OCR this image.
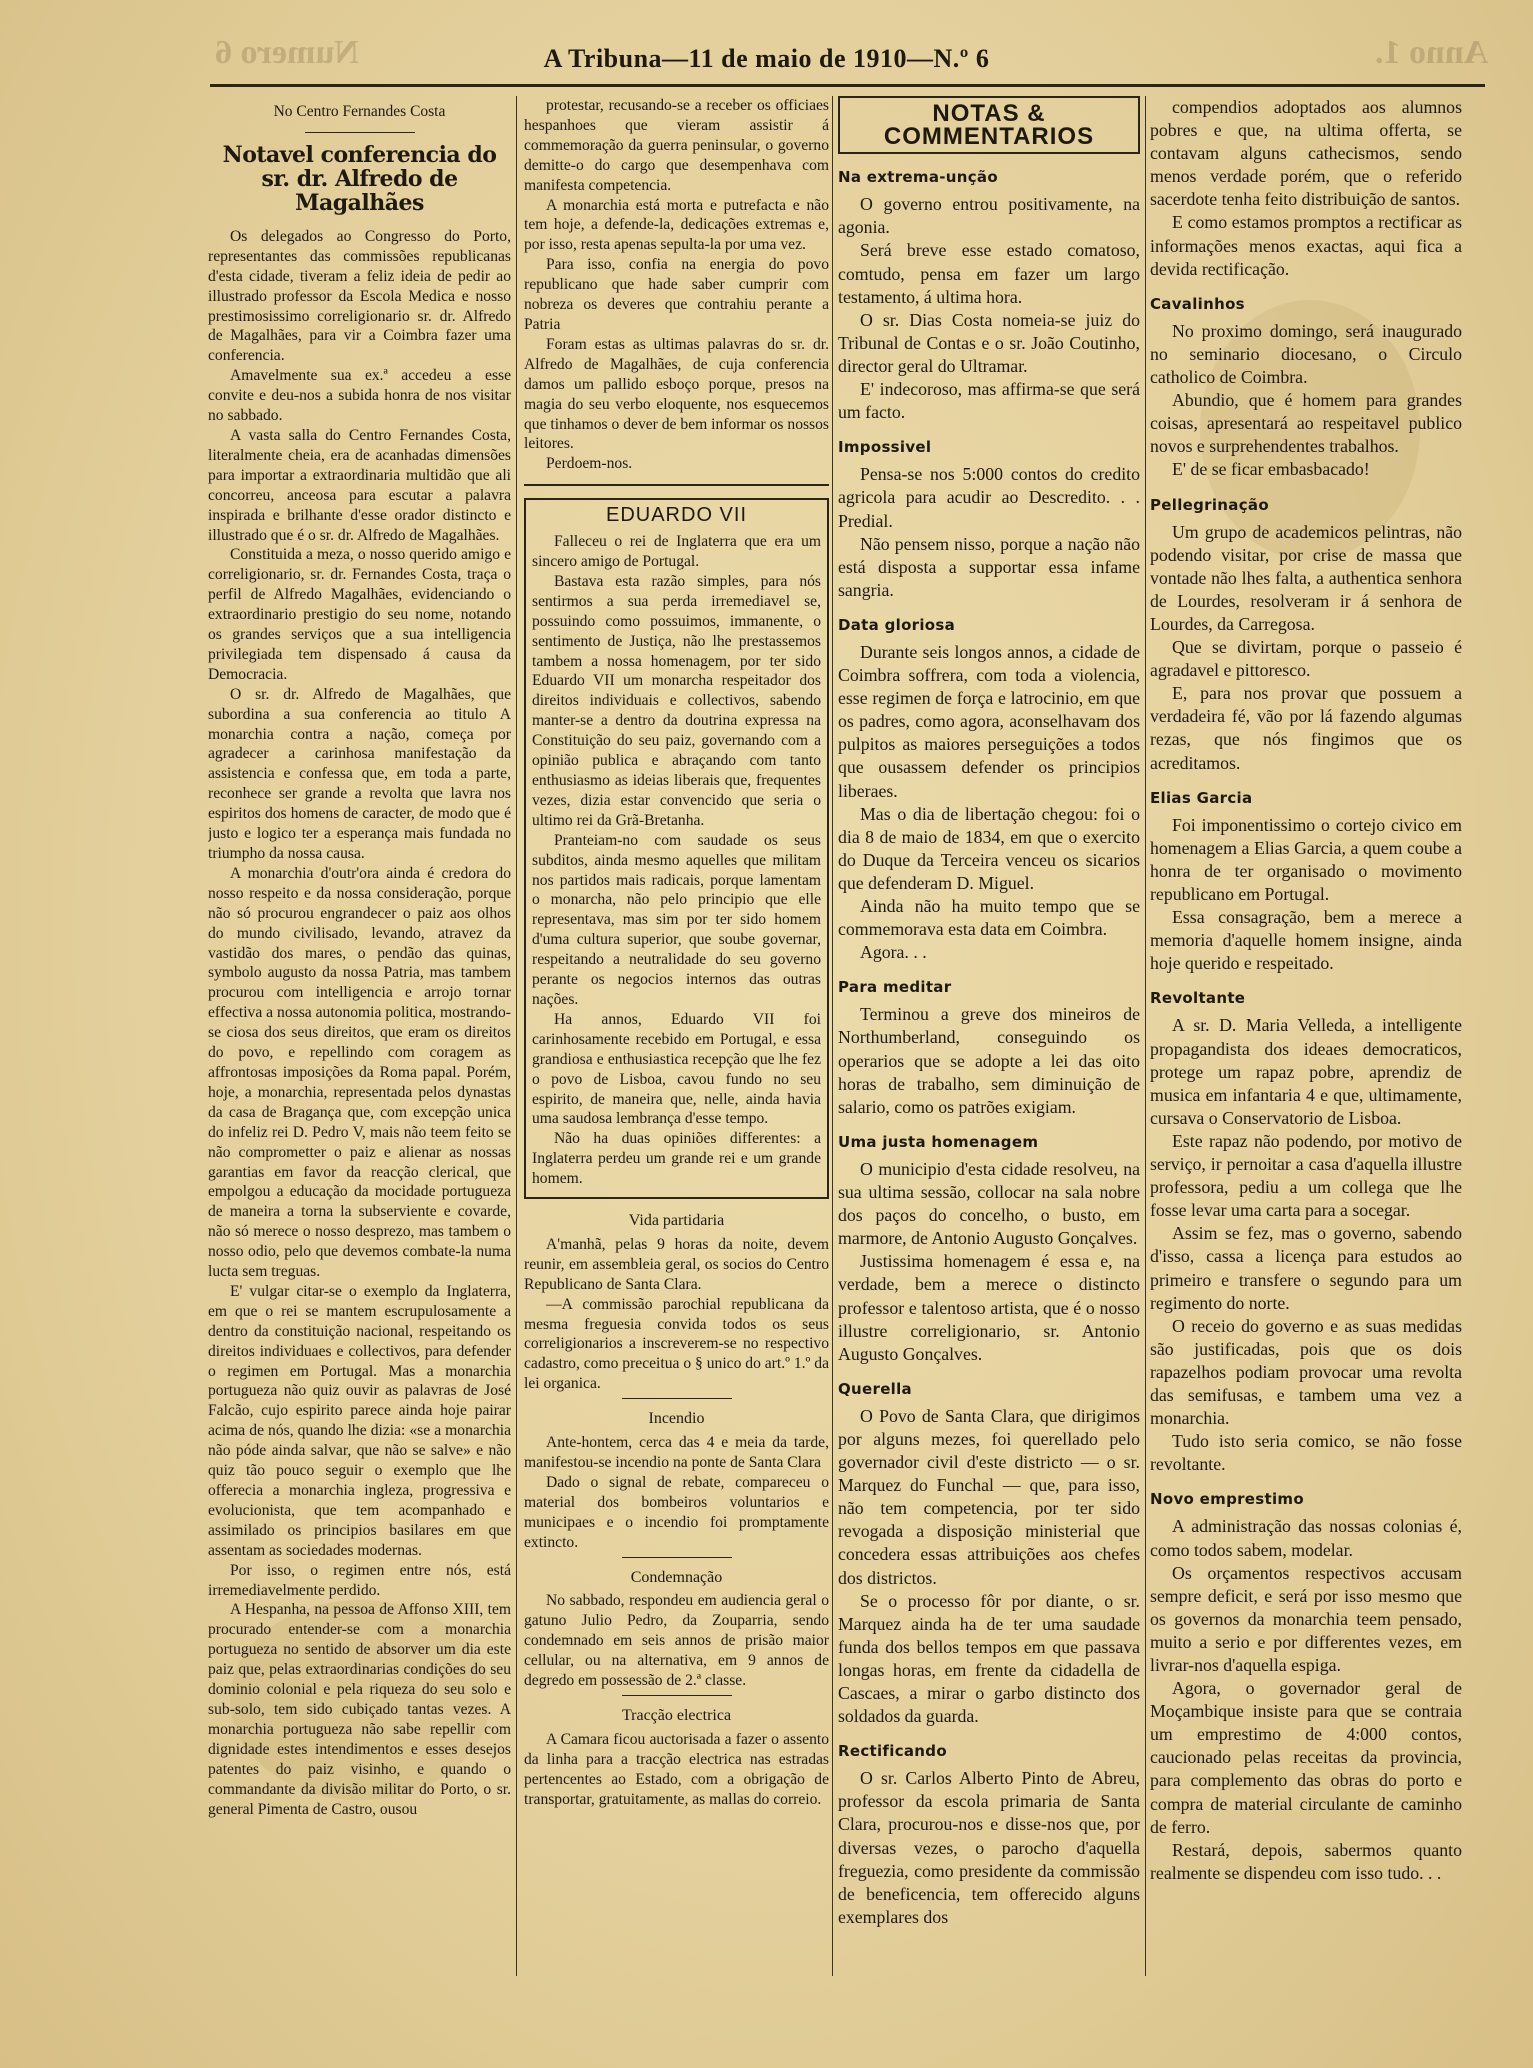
Numero 6	A Tribuna—11 de maio de 1910—N.º 6	Anno 1.
No Centro Fernandes Costa
Notavel conferencia do sr. dr. Alfredo de Magalhães

Os delegados ao Congresso do Porto, representantes das commissões republicanas d'esta cidade, tiveram a feliz ideia de pedir ao illustrado professor da Escola Medica e nosso prestimosissimo correligionario sr. dr. Alfredo de Magalhães, para vir a Coimbra fazer uma conferencia.

Amavelmente sua ex.ª accedeu a esse convite e deu-nos a subida honra de nos visitar no sabbado.

A vasta salla do Centro Fernandes Costa, literalmente cheia, era de acanhadas dimensões para importar a extraordinaria multidão que ali concorreu, anceosa para escutar a palavra inspirada e brilhante d'esse orador distincto e illustrado que é o sr. dr. Alfredo de Magalhães.

Constituida a meza, o nosso querido amigo e correligionario, sr. dr. Fernandes Costa, traça o perfil de Alfredo Magalhães, evidenciando o extraordinario prestigio do seu nome, notando os grandes serviços que a sua intelligencia privilegiada tem dispensado á causa da Democracia.

O sr. dr. Alfredo de Magalhães, que subordina a sua conferencia ao titulo A monarchia contra a nação, começa por agradecer a carinhosa manifestação da assistencia e confessa que, em toda a parte, reconhece ser grande a revolta que lavra nos espiritos dos homens de caracter, de modo que é justo e logico ter a esperança mais fundada no triumpho da nossa causa.

A monarchia d'outr'ora ainda é credora do nosso respeito e da nossa consideração, porque não só procurou engrandecer o paiz aos olhos do mundo civilisado, levando, atravez da vastidão dos mares, o pendão das quinas, symbolo augusto da nossa Patria, mas tambem procurou com intelligencia e arrojo tornar effectiva a nossa autonomia politica, mostrando-se ciosa dos seus direitos, que eram os direitos do povo, e repellindo com coragem as affrontosas imposições da Roma papal. Porém, hoje, a monarchia, representada pelos dynastas da casa de Bragança que, com excepção unica do infeliz rei D. Pedro V, mais não teem feito se não comprometter o paiz e alienar as nossas garantias em favor da reacção clerical, que empolgou a educação da mocidade portugueza de maneira a torna la subserviente e covarde, não só merece o nosso desprezo, mas tambem o nosso odio, pelo que devemos combate-la numa lucta sem treguas.

E' vulgar citar-se o exemplo da Inglaterra, em que o rei se mantem escrupulosamente a dentro da constituição nacional, respeitando os direitos individuaes e collectivos, para defender o regimen em Portugal. Mas a monarchia portugueza não quiz ouvir as palavras de José Falcão, cujo espirito parece ainda hoje pairar acima de nós, quando lhe dizia: «se a monarchia não póde ainda salvar, que não se salve» e não quiz tão pouco seguir o exemplo que lhe offerecia a monarchia ingleza, progressiva e evolucionista, que tem acompanhado e assimilado os principios basilares em que assentam as sociedades modernas.

Por isso, o regimen entre nós, está irremediavelmente perdido.

A Hespanha, na pessoa de Affonso XIII, tem procurado entender-se com a monarchia portugueza no sentido de absorver um dia este paiz que, pelas extraordinarias condições do seu dominio colonial e pela riqueza do seu solo e sub-solo, tem sido cubiçado tantas vezes. A monarchia portugueza não sabe repellir com dignidade estes intendimentos e esses desejos patentes do paiz visinho, e quando o commandante da divisão militar do Porto, o sr. general Pimenta de Castro, ousou

protestar, recusando-se a receber os officiaes hespanhoes que vieram assistir á commemoração da guerra peninsular, o governo demitte-o do cargo que desempenhava com manifesta competencia.

A monarchia está morta e putrefacta e não tem hoje, a defende-la, dedicações extremas e, por isso, resta apenas sepulta-la por uma vez.

Para isso, confia na energia do povo republicano que hade saber cumprir com nobreza os deveres que contrahiu perante a Patria

Foram estas as ultimas palavras do sr. dr. Alfredo de Magalhães, de cuja conferencia damos um pallido esboço porque, presos na magia do seu verbo eloquente, nos esquecemos que tinhamos o dever de bem informar os nossos leitores.

Perdoem-nos.

EDUARDO VII

Falleceu o rei de Inglaterra que era um sincero amigo de Portugal.

Bastava esta razão simples, para nós sentirmos a sua perda irremediavel se, possuindo como possuimos, immanente, o sentimento de Justiça, não lhe prestassemos tambem a nossa homenagem, por ter sido Eduardo VII um monarcha respeitador dos direitos individuais e collectivos, sabendo manter-se a dentro da doutrina expressa na Constituição do seu paiz, governando com a opinião publica e abraçando com tanto enthusiasmo as ideias liberais que, frequentes vezes, dizia estar convencido que seria o ultimo rei da Grã-Bretanha.

Pranteiam-no com saudade os seus subditos, ainda mesmo aquelles que militam nos partidos mais radicais, porque lamentam o monarcha, não pelo principio que elle representava, mas sim por ter sido homem d'uma cultura superior, que soube governar, respeitando a neutralidade do seu governo perante os negocios internos das outras nações.

Ha annos, Eduardo VII foi carinhosamente recebido em Portugal, e essa grandiosa e enthusiastica recepção que lhe fez o povo de Lisboa, cavou fundo no seu espirito, de maneira que, nelle, ainda havia uma saudosa lembrança d'esse tempo.

Não ha duas opiniões differentes: a Inglaterra perdeu um grande rei e um grande homem.

Vida partidaria

A'manhã, pelas 9 horas da noite, devem reunir, em assembleia geral, os socios do Centro Republicano de Santa Clara.

—A commissão parochial republicana da mesma freguesia convida todos os seus correligionarios a inscreverem-se no respectivo cadastro, como preceitua o § unico do art.º 1.º da lei organica.

Incendio

Ante-hontem, cerca das 4 e meia da tarde, manifestou-se incendio na ponte de Santa Clara

Dado o signal de rebate, compareceu o material dos bombeiros voluntarios e municipaes e o incendio foi promptamente extincto.

Condemnação

No sabbado, respondeu em audiencia geral o gatuno Julio Pedro, da Zouparria, sendo condemnado em seis annos de prisão maior cellular, ou na alternativa, em 9 annos de degredo em possessão de 2.ª classe.

Tracção electrica

A Camara ficou auctorisada a fazer o assento da linha para a tracção electrica nas estradas pertencentes ao Estado, com a obrigação de transportar, gratuitamente, as mallas do correio.

NOTAS & COMMENTARIOS
Na extrema-unção

O governo entrou positivamente, na agonia.

Será breve esse estado comatoso, comtudo, pensa em fazer um largo testamento, á ultima hora.

O sr. Dias Costa nomeia-se juiz do Tribunal de Contas e o sr. João Coutinho, director geral do Ultramar.

E' indecoroso, mas affirma-se que será um facto.

Impossivel

Pensa-se nos 5:000 contos do credito agricola para acudir ao Descredito. . . Predial.

Não pensem nisso, porque a nação não está disposta a supportar essa infame sangria.

Data gloriosa

Durante seis longos annos, a cidade de Coimbra soffrera, com toda a violencia, esse regimen de força e latrocinio, em que os padres, como agora, aconselhavam dos pulpitos as maiores perseguições a todos que ousassem defender os principios liberaes.

Mas o dia de libertação chegou: foi o dia 8 de maio de 1834, em que o exercito do Duque da Terceira venceu os sicarios que defenderam D. Miguel.

Ainda não ha muito tempo que se commemorava esta data em Coimbra.

Agora. . .

Para meditar

Terminou a greve dos mineiros de Northumberland, conseguindo os operarios que se adopte a lei das oito horas de trabalho, sem diminuição de salario, como os patrões exigiam.

Uma justa homenagem

O municipio d'esta cidade resolveu, na sua ultima sessão, collocar na sala nobre dos paços do concelho, o busto, em marmore, de Antonio Augusto Gonçalves.

Justissima homenagem é essa e, na verdade, bem a merece o distincto professor e talentoso artista, que é o nosso illustre correligionario, sr. Antonio Augusto Gonçalves.

Querella

O Povo de Santa Clara, que dirigimos por alguns mezes, foi querellado pelo governador civil d'este districto — o sr. Marquez do Funchal — que, para isso, não tem competencia, por ter sido revogada a disposição ministerial que concedera essas attribuições aos chefes dos districtos.

Se o processo fôr por diante, o sr. Marquez ainda ha de ter uma saudade funda dos bellos tempos em que passava longas horas, em frente da cidadella de Cascaes, a mirar o garbo distincto dos soldados da guarda.

Rectificando

O sr. Carlos Alberto Pinto de Abreu, professor da escola primaria de Santa Clara, procurou-nos e disse-nos que, por diversas vezes, o parocho d'aquella freguezia, como presidente da commissão de beneficencia, tem offerecido alguns exemplares dos

compendios adoptados aos alumnos pobres e que, na ultima offerta, se contavam alguns cathecismos, sendo menos verdade porém, que o referido sacerdote tenha feito distribuição de santos.

E como estamos promptos a rectificar as informações menos exactas, aqui fica a devida rectificação.

Cavalinhos

No proximo domingo, será inaugurado no seminario diocesano, o Circulo catholico de Coimbra.

Abundio, que é homem para grandes coisas, apresentará ao respeitavel publico novos e surprehendentes trabalhos.

E' de se ficar embasbacado!

Pellegrinação

Um grupo de academicos pelintras, não podendo visitar, por crise de massa que vontade não lhes falta, a authentica senhora de Lourdes, resolveram ir á senhora de Lourdes, da Carregosa.

Que se divirtam, porque o passeio é agradavel e pittoresco.

E, para nos provar que possuem a verdadeira fé, vão por lá fazendo algumas rezas, que nós fingimos que os acreditamos.

Elias Garcia

Foi imponentissimo o cortejo civico em homenagem a Elias Garcia, a quem coube a honra de ter organisado o movimento republicano em Portugal.

Essa consagração, bem a merece a memoria d'aquelle homem insigne, ainda hoje querido e respeitado.

Revoltante

A sr. D. Maria Velleda, a intelligente propagandista dos ideaes democraticos, protege um rapaz pobre, aprendiz de musica em infantaria 4 e que, ultimamente, cursava o Conservatorio de Lisboa.

Este rapaz não podendo, por motivo de serviço, ir pernoitar a casa d'aquella illustre professora, pediu a um collega que lhe fosse levar uma carta para a socegar.

Assim se fez, mas o governo, sabendo d'isso, cassa a licença para estudos ao primeiro e transfere o segundo para um regimento do norte.

O receio do governo e as suas medidas são justificadas, pois que os dois rapazelhos podiam provocar uma revolta das semifusas, e tambem uma vez a monarchia.

Tudo isto seria comico, se não fosse revoltante.

Novo emprestimo

A administração das nossas colonias é, como todos sabem, modelar.

Os orçamentos respectivos accusam sempre deficit, e será por isso mesmo que os governos da monarchia teem pensado, muito a serio e por differentes vezes, em livrar-nos d'aquella espiga.

Agora, o governador geral de Moçambique insiste para que se contraia um emprestimo de 4:000 contos, caucionado pelas receitas da provincia, para complemento das obras do porto e compra de material circulante de caminho de ferro.

Restará, depois, sabermos quanto realmente se dispendeu com isso tudo. . .
